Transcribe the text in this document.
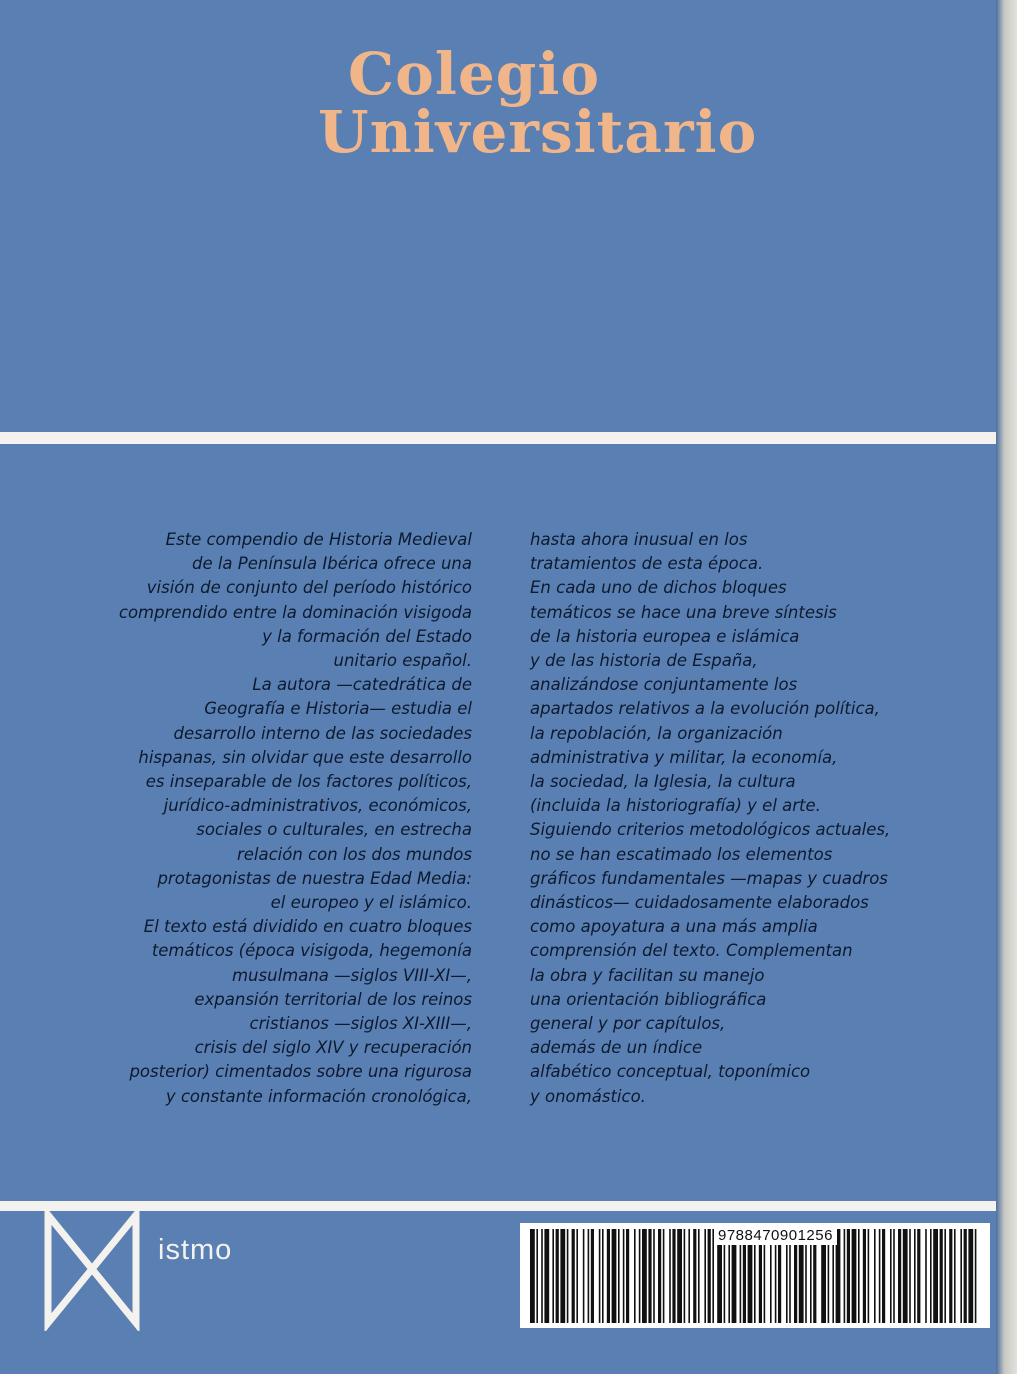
Colegio
Universitario
Este compendio de Historia Medieval
de la Península Ibérica ofrece una
visión de conjunto del período histórico
comprendido entre la dominación visigoda
y la formación del Estado
unitario español.
La autora —catedrática de
Geografía e Historia— estudia el
desarrollo interno de las sociedades
hispanas, sin olvidar que este desarrollo
es inseparable de los factores políticos,
jurídico-administrativos, económicos,
sociales o culturales, en estrecha
relación con los dos mundos
protagonistas de nuestra Edad Media:
el europeo y el islámico.
El texto está dividido en cuatro bloques
temáticos (época visigoda, hegemonía
musulmana —siglos VIII-XI—,
expansión territorial de los reinos
cristianos —siglos XI-XIII—,
crisis del siglo XIV y recuperación
posterior) cimentados sobre una rigurosa
y constante información cronológica,
hasta ahora inusual en los
tratamientos de esta época.
En cada uno de dichos bloques
temáticos se hace una breve síntesis
de la historia europea e islámica
y de las historia de España,
analizándose conjuntamente los
apartados relativos a la evolución política,
la repoblación, la organización
administrativa y militar, la economía,
la sociedad, la Iglesia, la cultura
(incluida la historiografía) y el arte.
Siguiendo criterios metodológicos actuales,
no se han escatimado los elementos
gráficos fundamentales —mapas y cuadros
dinásticos— cuidadosamente elaborados
como apoyatura a una más amplia
comprensión del texto. Complementan
la obra y facilitan su manejo
una orientación bibliográfica
general y por capítulos,
además de un índice
alfabético conceptual, toponímico
y onomástico.
istmo	9788470901256
